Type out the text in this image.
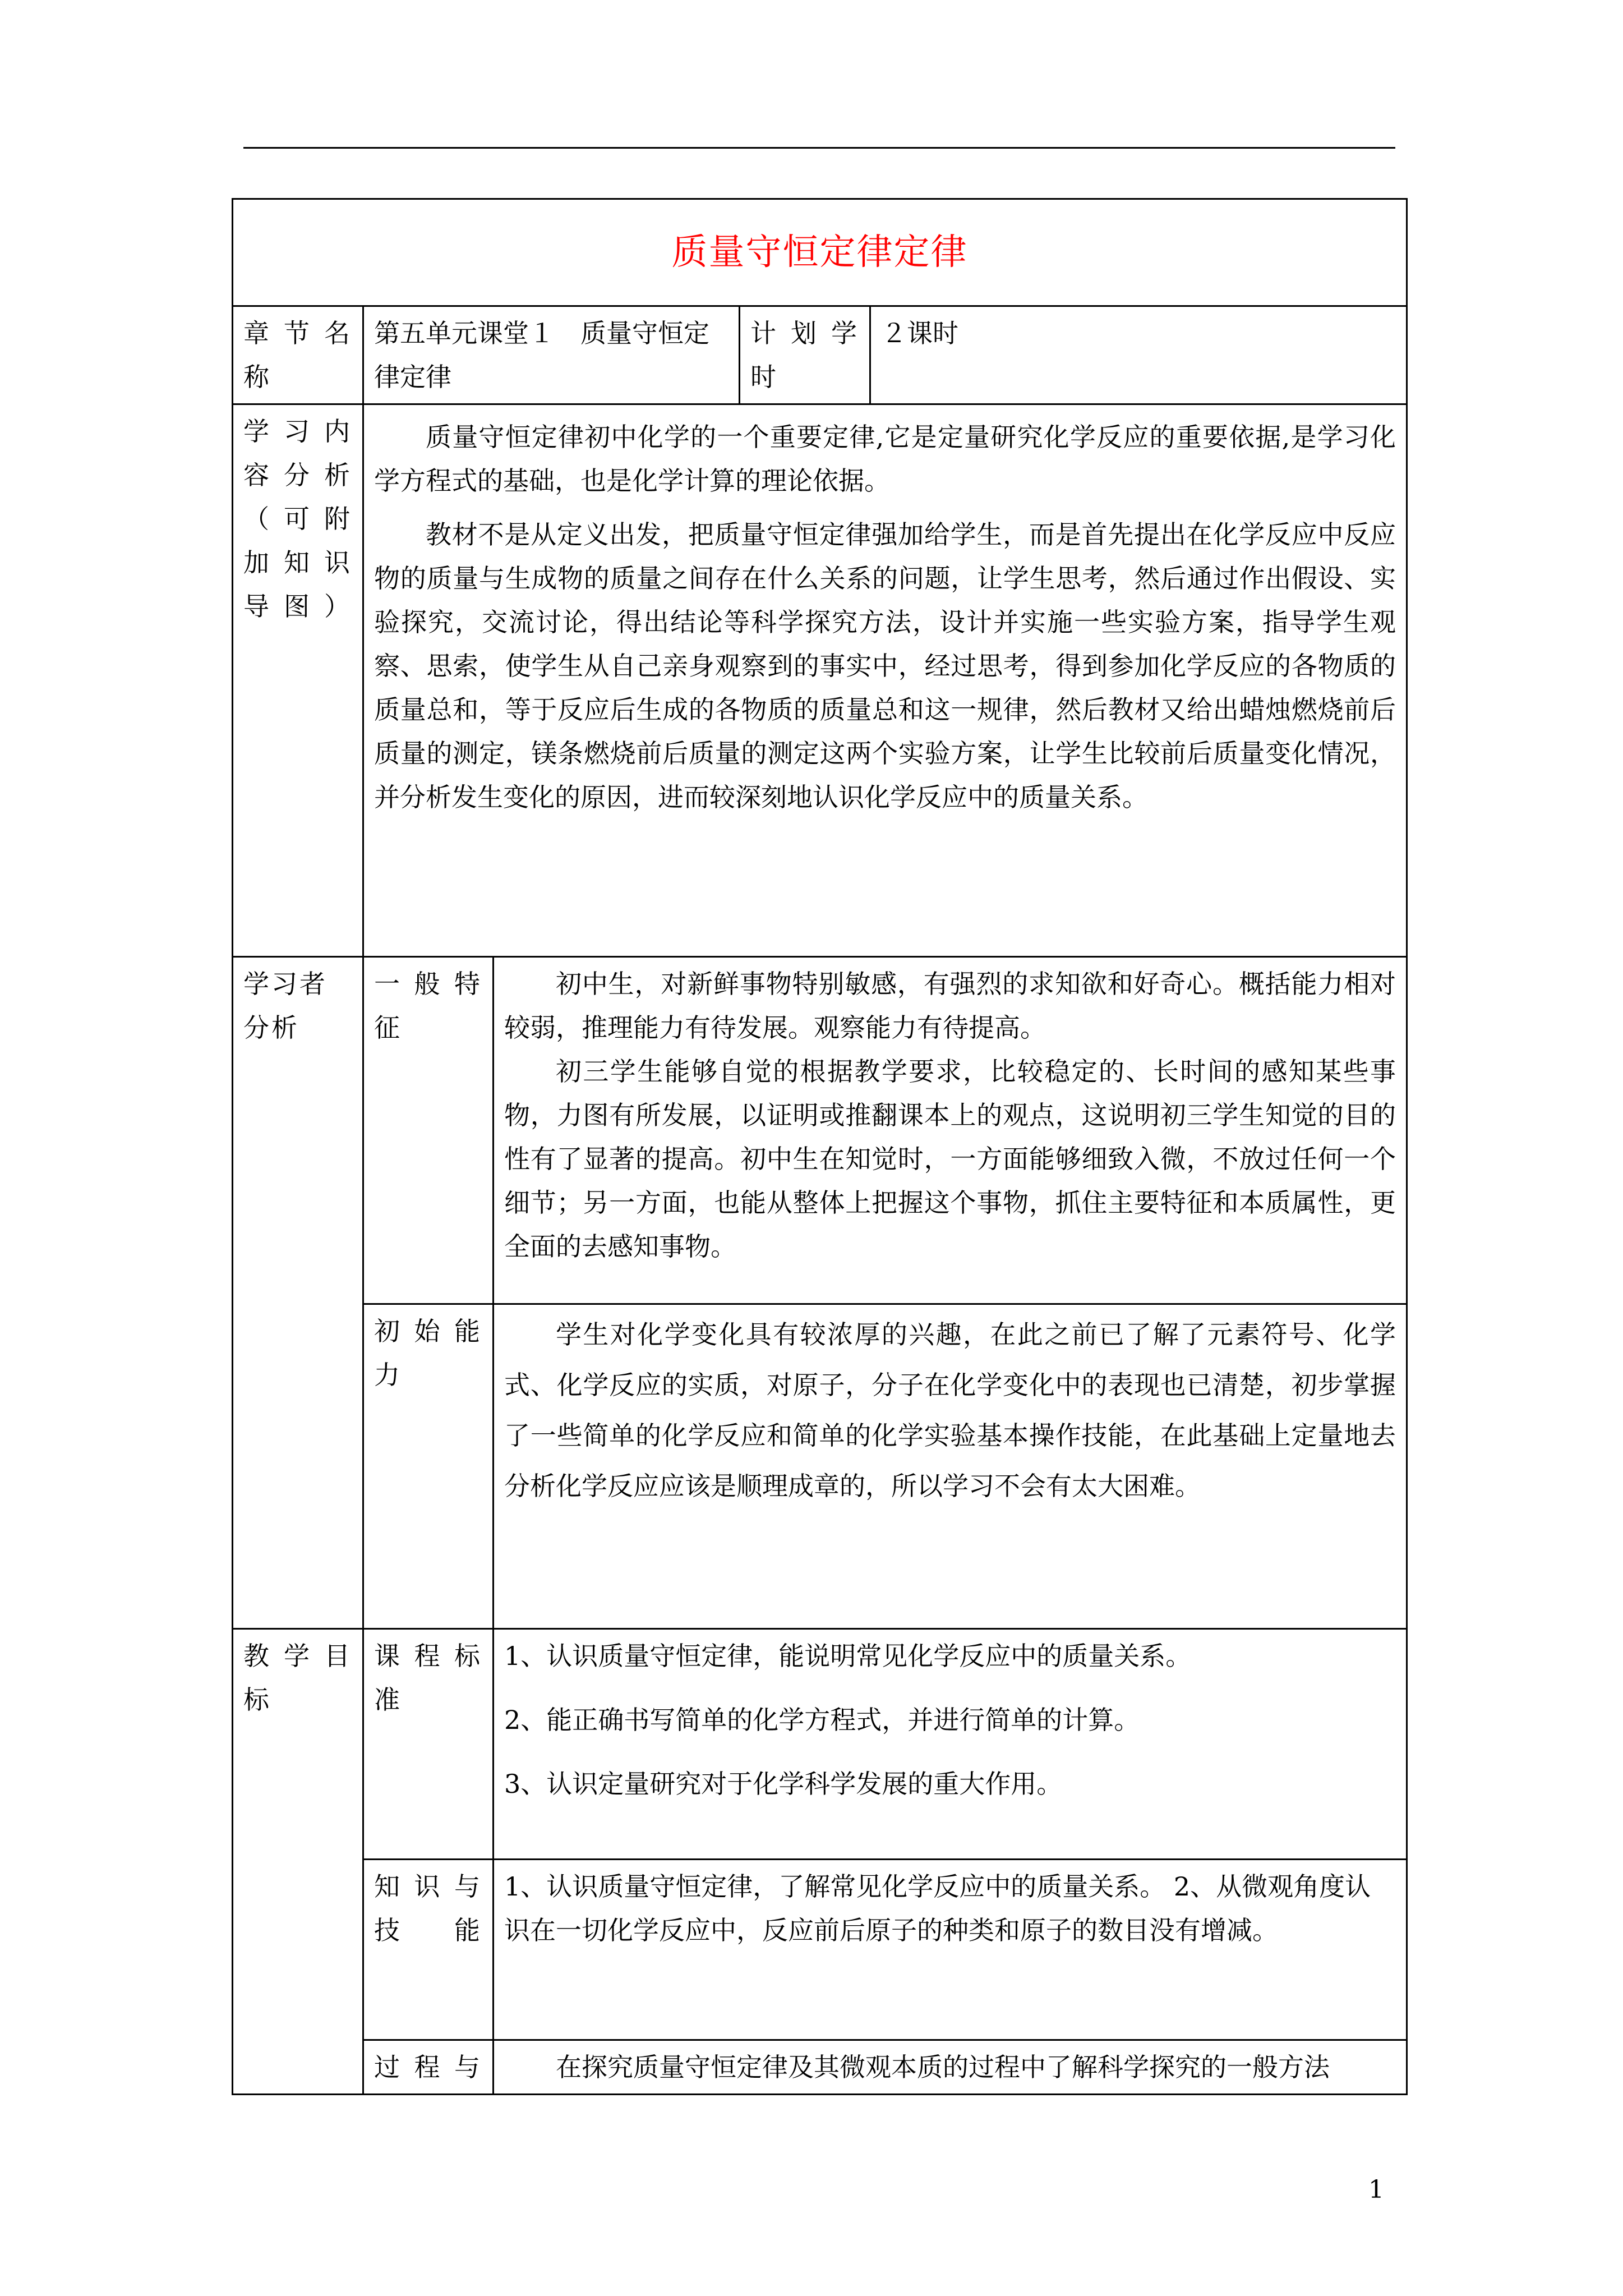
质量守恒定律定律				
章节名称	第五单元课堂１　质量守恒定律定律		计划学时	２课时
学习内容分析（可附加知识导图）	质量守恒定律初中化学的一个重要定律,它是定量研究化学反应的重要依据,是学习化学方程式的基础，也是化学计算的理论依据。

教材不是从定义出发，把质量守恒定律强加给学生，而是首先提出在化学反应中反应物的质量与生成物的质量之间存在什么关系的问题，让学生思考，然后通过作出假设、实验探究，交流讨论，得出结论等科学探究方法，设计并实施一些实验方案，指导学生观察、思索，使学生从自己亲身观察到的事实中，经过思考，得到参加化学反应的各物质的质量总和，等于反应后生成的各物质的质量总和这一规律，然后教材又给出蜡烛燃烧前后质量的测定，镁条燃烧前后质量的测定这两个实验方案，让学生比较前后质量变化情况，并分析发生变化的原因，进而较深刻地认识化学反应中的质量关系。			

学习者分析	一般特征	初中生，对新鲜事物特别敏感，有强烈的求知欲和好奇心。概括能力相对较弱，推理能力有待发展。观察能力有待提高。

初三学生能够自觉的根据教学要求，比较稳定的、长时间的感知某些事物，力图有所发展，以证明或推翻课本上的观点，这说明初三学生知觉的目的性有了显著的提高。初中生在知觉时，一方面能够细致入微，不放过任何一个细节；另一方面，也能从整体上把握这个事物，抓住主要特征和本质属性，更全面的去感知事物。		

	初始能力	学生对化学变化具有较浓厚的兴趣，在此之前已了解了元素符号、化学式、化学反应的实质，对原子，分子在化学变化中的表现也已清楚，初步掌握了一些简单的化学反应和简单的化学实验基本操作技能，在此基础上定量地去分析化学反应应该是顺理成章的，所以学习不会有太大困难。		

教学目标	课程标准	1、认识质量守恒定律，能说明常见化学反应中的质量关系。

2、能正确书写简单的化学方程式，并进行简单的计算。

3、认识定量研究对于化学科学发展的重大作用。		

	知识与技能	1、认识质量守恒定律，了解常见化学反应中的质量关系。 2、从微观角度认识在一切化学反应中，反应前后原子的种类和原子的数目没有增减。		
	过程与	在探究质量守恒定律及其微观本质的过程中了解科学探究的一般方法		

1
